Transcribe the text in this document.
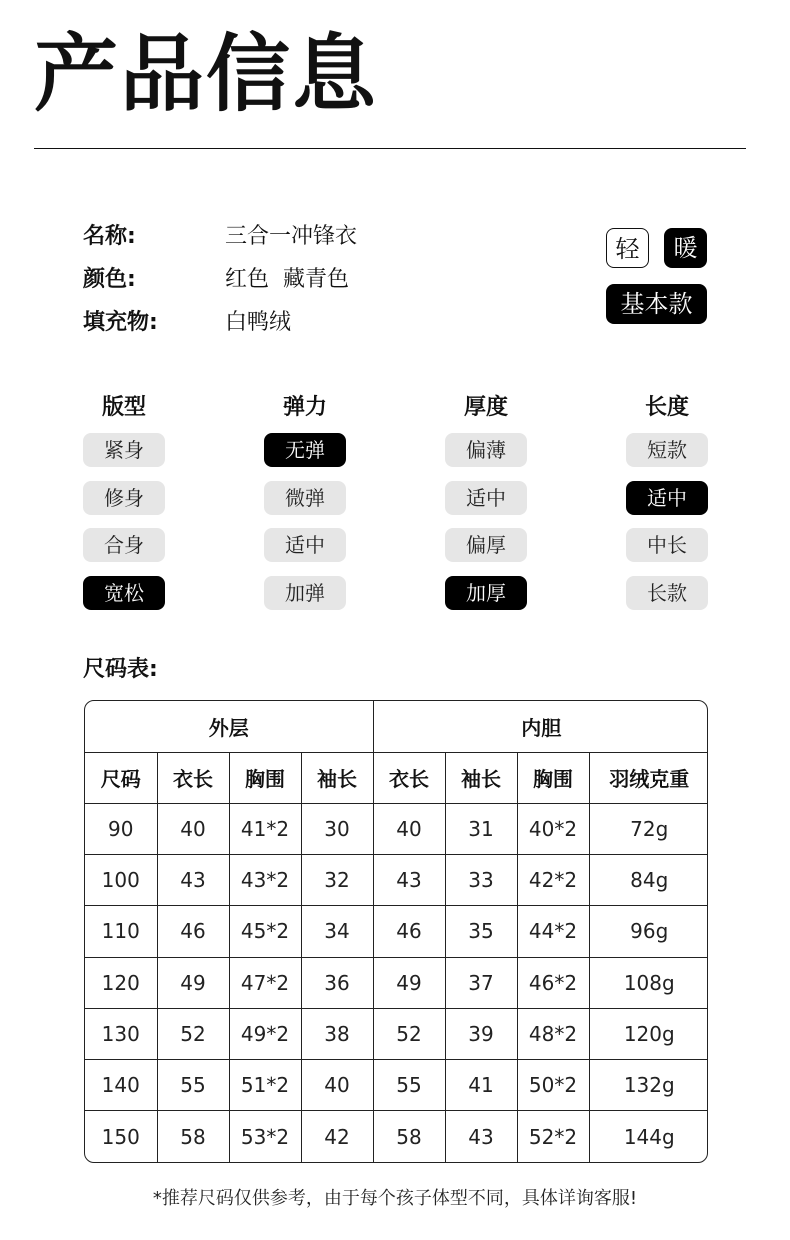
产品信息
名称:	三合一冲锋衣
颜色:	红色  藏青色
填充物:	白鸭绒
轻	暖
基本款
版型
紧身
修身
合身
宽松
弹力
无弹
微弹
适中
加弹
厚度
偏薄
适中
偏厚
加厚
长度
短款
适中
中长
长款
尺码表:
外层				内胆			
尺码	衣长	胸围	袖长	衣长	袖长	胸围	羽绒克重
90	40	41*2	30	40	31	40*2	72g
100	43	43*2	32	43	33	42*2	84g
110	46	45*2	34	46	35	44*2	96g
120	49	47*2	36	49	37	46*2	108g
130	52	49*2	38	52	39	48*2	120g
140	55	51*2	40	55	41	50*2	132g
150	58	53*2	42	58	43	52*2	144g
*推荐尺码仅供参考，由于每个孩子体型不同，具体详询客服!
